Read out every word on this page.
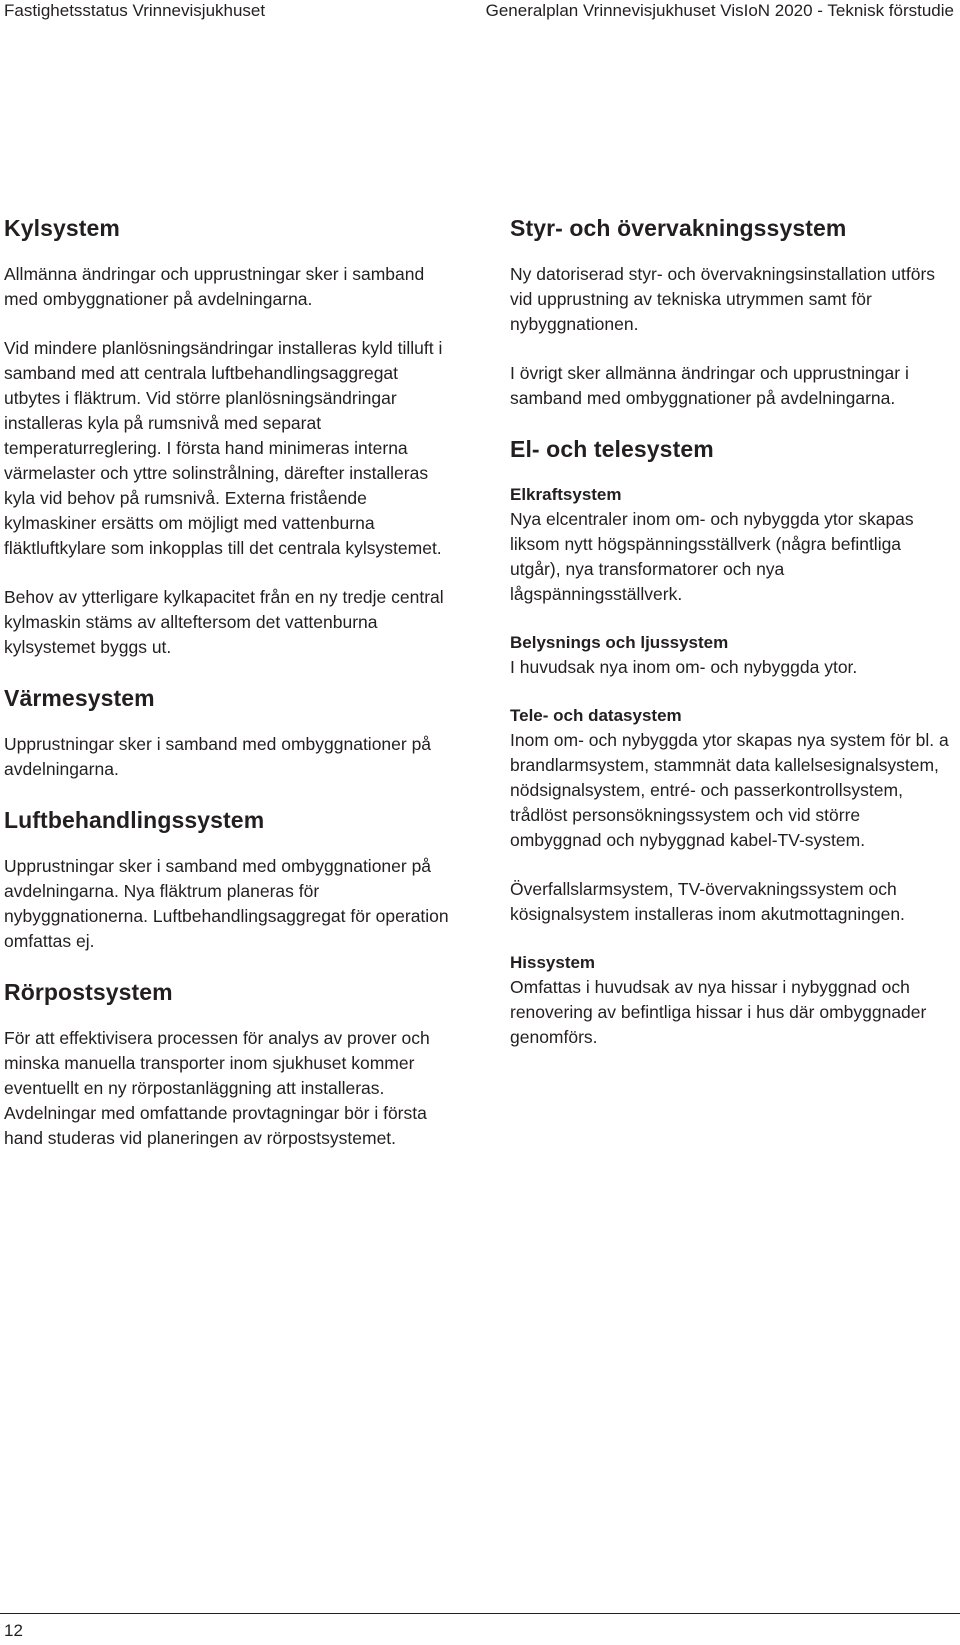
Fastighetsstatus Vrinnevisjukhuset	Generalplan Vrinnevisjukhuset VisIoN 2020 - Teknisk förstudie
Kylsystem

Allmänna ändringar och upprustningar sker i samband med ombyggnationer på avdelningarna.

Vid mindere planlösningsändringar installeras kyld tilluft i samband med att centrala luftbehandlingsaggregat utbytes i fläktrum. Vid större planlösningsändringar installeras kyla på rumsnivå med separat temperaturreglering. I första hand minimeras interna värmelaster och yttre solinstrålning, därefter installeras kyla vid behov på rumsnivå. Externa fristående kylmaskiner ersätts om möjligt med vattenburna fläktluftkylare som inkopplas till det centrala kylsystemet.

Behov av ytterligare kylkapacitet från en ny tredje central kylmaskin stäms av allteftersom det vattenburna kylsystemet byggs ut.

Värmesystem

Upprustningar sker i samband med ombyggnationer på avdelningarna.

Luftbehandlingssystem

Upprustningar sker i samband med ombyggnationer på avdelningarna. Nya fläktrum planeras för nybyggnationerna. Luftbehandlingsaggregat för operation omfattas ej.

Rörpostsystem

För att effektivisera processen för analys av prover och minska manuella transporter inom sjukhuset kommer eventuellt en ny rörpostanläggning att installeras. Avdelningar med omfattande provtagningar bör i första hand studeras vid planeringen av rörpostsystemet.

Styr- och övervakningssystem

Ny datoriserad styr- och övervakningsinstallation utförs vid upprustning av tekniska utrymmen samt för nybyggnationen.

I övrigt sker allmänna ändringar och upprustningar i samband med ombyggnationer på avdelningarna.

El- och telesystem
Elkraftsystem

Nya elcentraler inom om- och nybyggda ytor skapas liksom nytt högspänningsställverk (några befintliga utgår), nya transformatorer och nya lågspänningsställverk.

Belysnings och ljussystem

I huvudsak nya inom om- och nybyggda ytor.

Tele- och datasystem

Inom om- och nybyggda ytor skapas nya system för bl. a brandlarmsystem, stammnät data kallelsesignalsystem, nödsignalsystem, entré- och passerkontrollsystem, trådlöst personsökningssystem och vid större ombyggnad och nybyggnad kabel-TV-system.

Överfallslarmsystem, TV-övervakningssystem och kösignalsystem installeras inom akutmottagningen.

Hissystem

Omfattas i huvudsak av nya hissar i nybyggnad och renovering av befintliga hissar i hus där ombyggnader genomförs.

12
